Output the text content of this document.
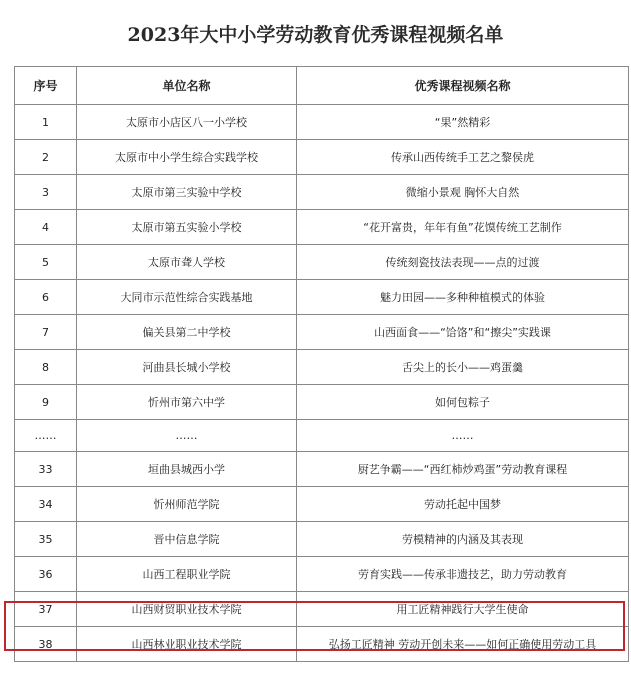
2023年大中小学劳动教育优秀课程视频名单
序号	单位名称	优秀课程视频名称
1	太原市小店区八一小学校	“果”然精彩
2	太原市中小学生综合实践学校	传承山西传统手工艺之黎侯虎
3	太原市第三实验中学校	微缩小景观 胸怀大自然
4	太原市第五实验小学校	“花开富贵，年年有鱼”花馍传统工艺制作
5	太原市聋人学校	传统刻瓷技法表现——点的过渡
6	大同市示范性综合实践基地	魅力田园——多种种植模式的体验
7	偏关县第二中学校	山西面食——“饸饹”和“擦尖”实践课
8	河曲县长城小学校	舌尖上的长小——鸡蛋羹
9	忻州市第六中学	如何包粽子
……	……	……
33	垣曲县城西小学	厨艺争霸——“西红柿炒鸡蛋”劳动教育课程
34	忻州师范学院	劳动托起中国梦
35	晋中信息学院	劳模精神的内涵及其表现
36	山西工程职业学院	劳育实践——传承非遗技艺，助力劳动教育
37	山西财贸职业技术学院	用工匠精神践行大学生使命
38	山西林业职业技术学院	弘扬工匠精神 劳动开创未来——如何正确使用劳动工具
